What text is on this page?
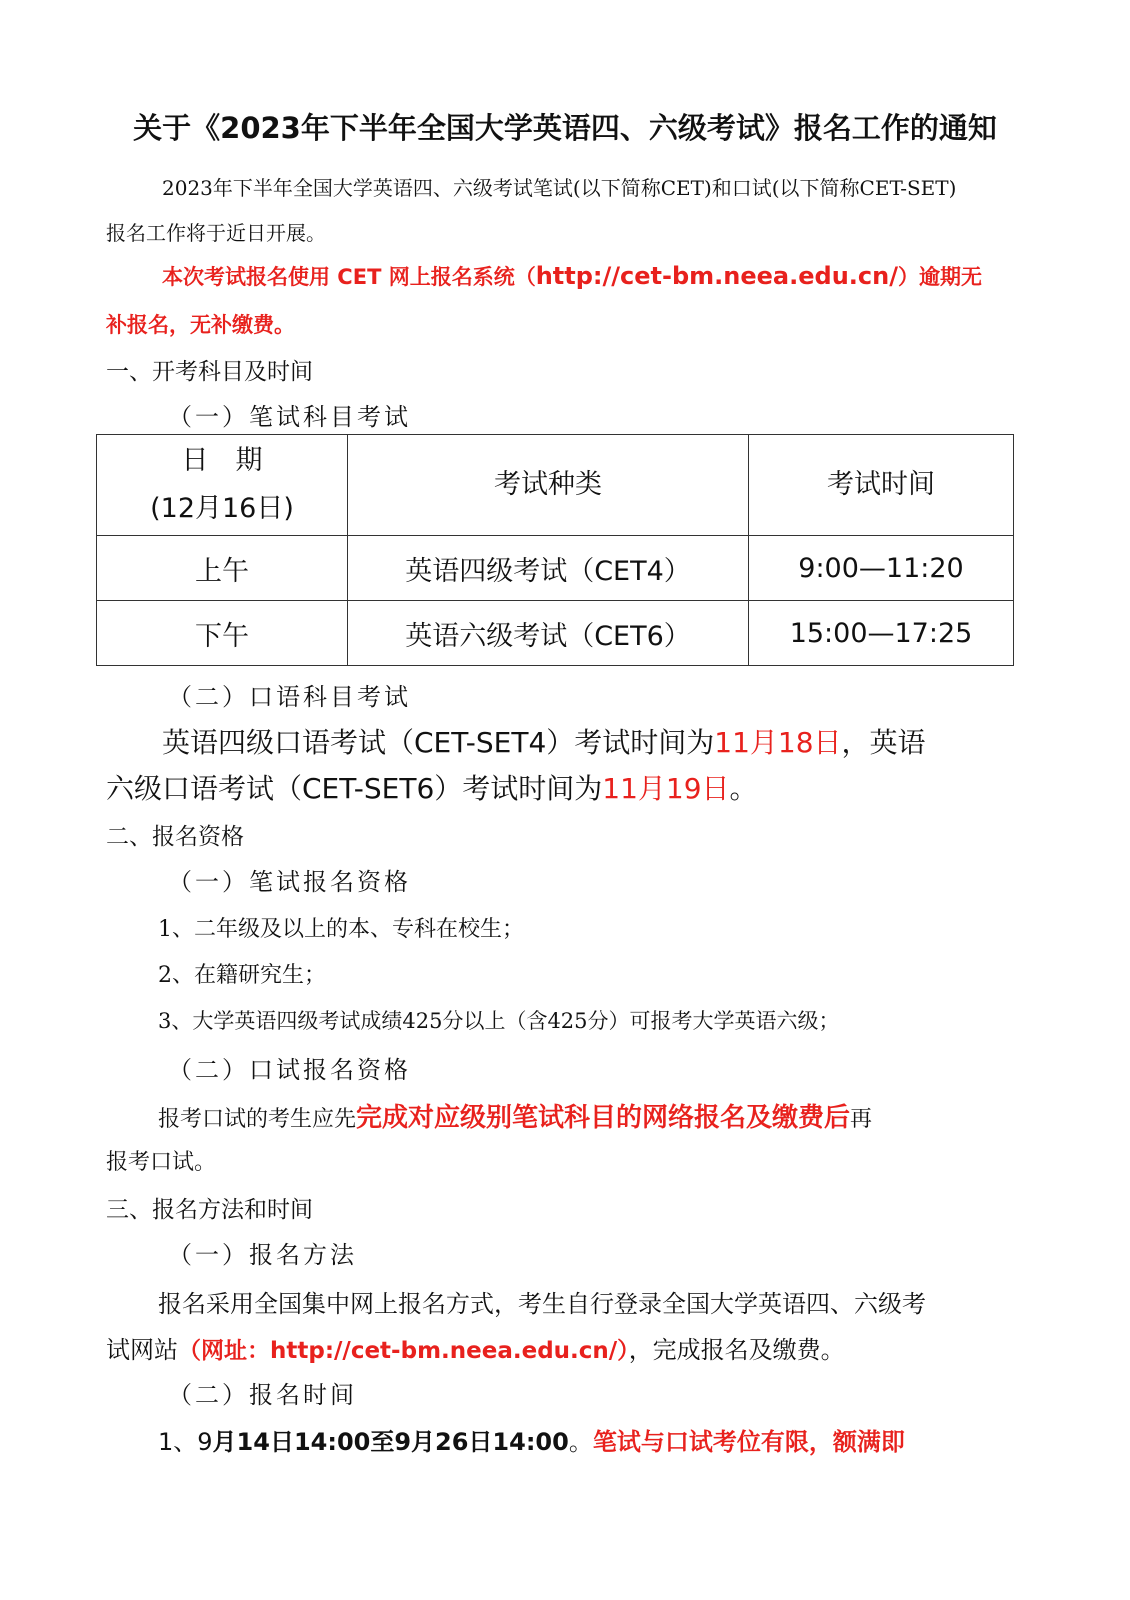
关于《2023年下半年全国大学英语四、六级考试》报名工作的通知
2023年下半年全国大学英语四、六级考试笔试(以下简称CET)和口试(以下简称CET-SET)
报名工作将于近日开展。
本次考试报名使用 CET 网上报名系统（http://cet-bm.neea.edu.cn/）逾期无
补报名，无补缴费。
一、开考科目及时间
（一）笔试科目考试
日　期
(12月16日)	考试种类	考试时间
上午	英语四级考试（CET4）	9:00—11:20
下午	英语六级考试（CET6）	15:00—17:25
（二）口语科目考试
英语四级口语考试（CET-SET4）考试时间为11月18日，英语
六级口语考试（CET-SET6）考试时间为11月19日。
二、报名资格
（一）笔试报名资格
1、二年级及以上的本、专科在校生；
2、在籍研究生；
3、大学英语四级考试成绩425分以上（含425分）可报考大学英语六级；
（二）口试报名资格
报考口试的考生应先完成对应级别笔试科目的网络报名及缴费后再
报考口试。
三、报名方法和时间
（一）报名方法
报名采用全国集中网上报名方式，考生自行登录全国大学英语四、六级考
试网站（网址：http://cet-bm.neea.edu.cn/），完成报名及缴费。
（二）报名时间
1、9月14日14:00至9月26日14:00。笔试与口试考位有限，额满即
